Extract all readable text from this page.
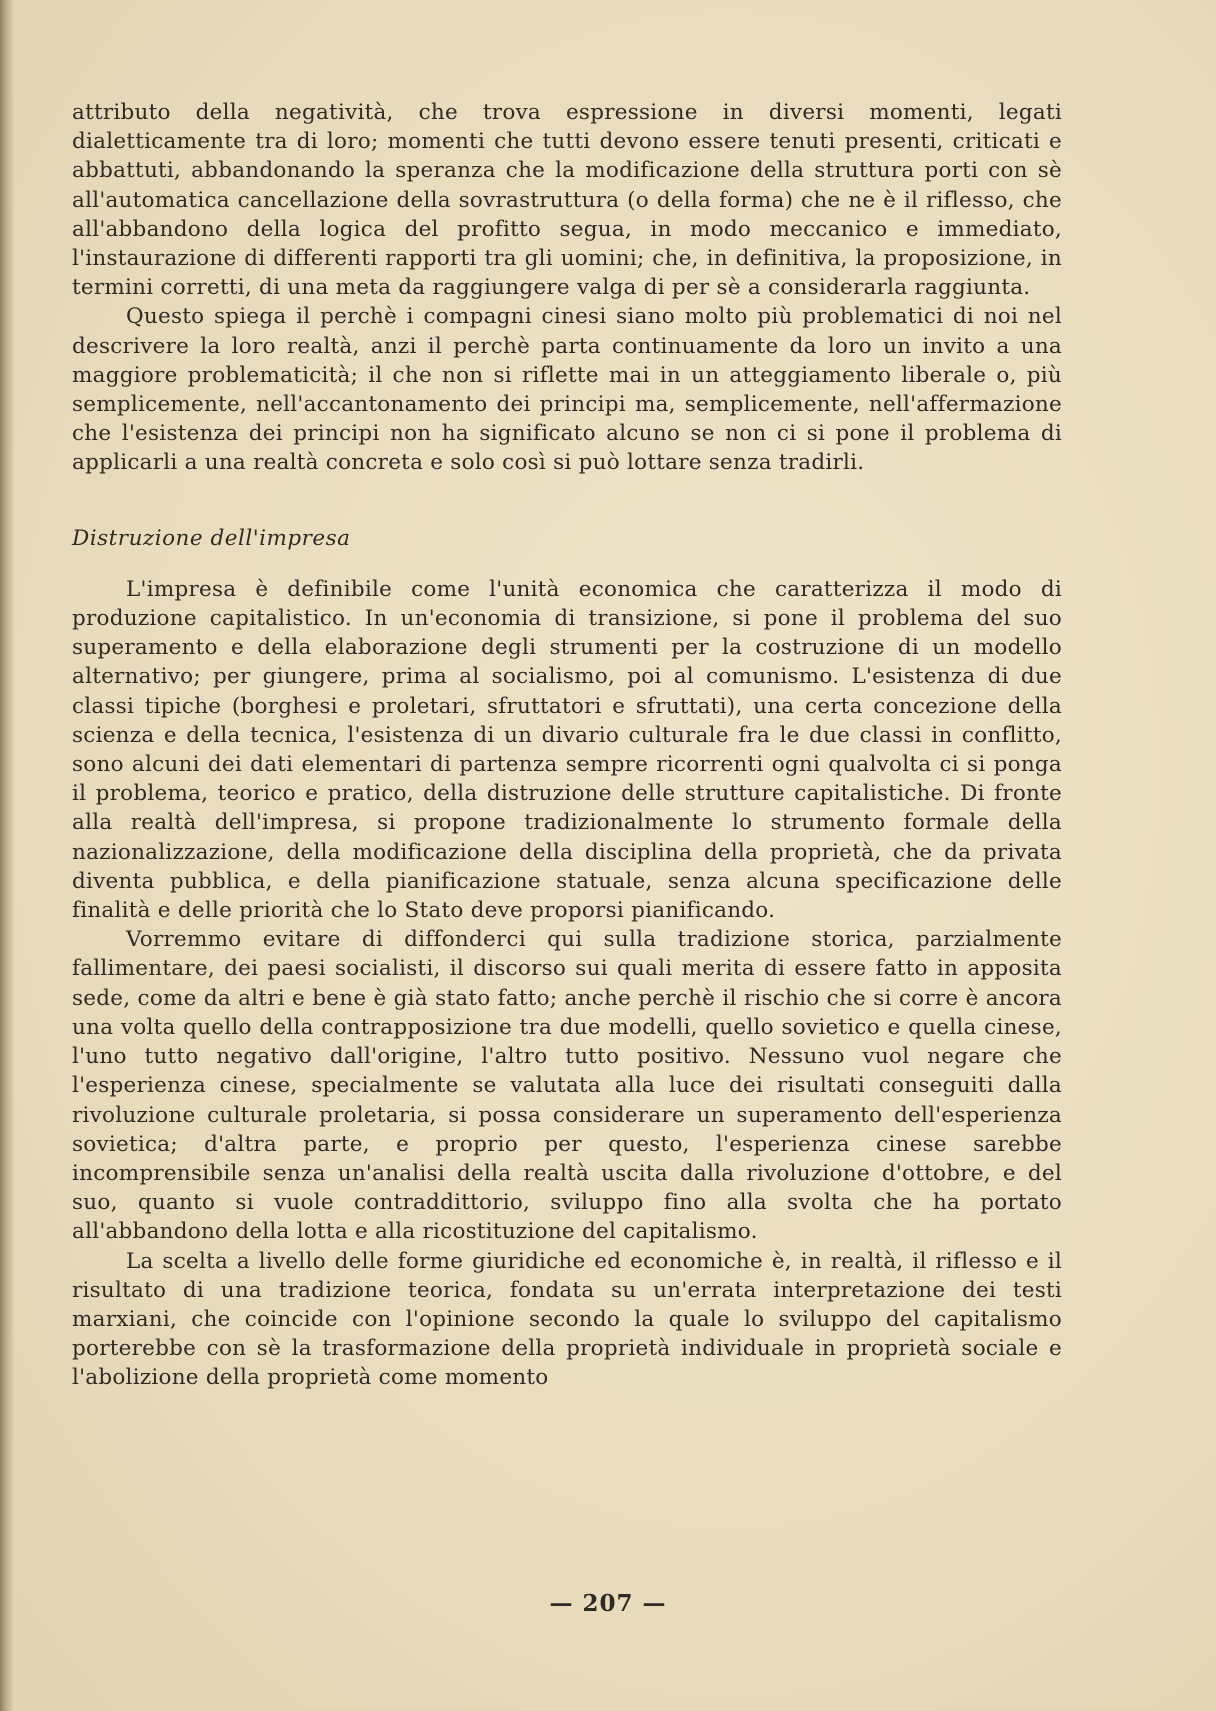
attributo della negatività, che trova espressione in diversi momenti, legati dialetticamente tra di loro; momenti che tutti devono essere tenuti presenti, criticati e abbattuti, abbandonando la speranza che la modificazione della struttura porti con sè all'automatica cancellazione della sovrastruttura (o della forma) che ne è il riflesso, che all'abbandono della logica del profitto segua, in modo meccanico e immediato, l'instaurazione di differenti rapporti tra gli uomini; che, in definitiva, la proposizione, in termini corretti, di una meta da raggiungere valga di per sè a considerarla raggiunta.

Questo spiega il perchè i compagni cinesi siano molto più problematici di noi nel descrivere la loro realtà, anzi il perchè parta continuamente da loro un invito a una maggiore problematicità; il che non si riflette mai in un atteggiamento liberale o, più semplicemente, nell'accantonamento dei principi ma, semplicemente, nell'affermazione che l'esistenza dei principi non ha significato alcuno se non ci si pone il problema di applicarli a una realtà concreta e solo così si può lottare senza tradirli.

Distruzione dell'impresa

L'impresa è definibile come l'unità economica che caratterizza il modo di produzione capitalistico. In un'economia di transizione, si pone il problema del suo superamento e della elaborazione degli strumenti per la costruzione di un modello alternativo; per giungere, prima al socialismo, poi al comunismo. L'esistenza di due classi tipiche (borghesi e proletari, sfruttatori e sfruttati), una certa concezione della scienza e della tecnica, l'esistenza di un divario culturale fra le due classi in conflitto, sono alcuni dei dati elementari di partenza sempre ricorrenti ogni qualvolta ci si ponga il problema, teorico e pratico, della distruzione delle strutture capitalistiche. Di fronte alla realtà dell'impresa, si propone tradizionalmente lo strumento formale della nazionalizzazione, della modificazione della disciplina della proprietà, che da privata diventa pubblica, e della pianificazione statuale, senza alcuna specificazione delle finalità e delle priorità che lo Stato deve proporsi pianificando.

Vorremmo evitare di diffonderci qui sulla tradizione storica, parzialmente fallimentare, dei paesi socialisti, il discorso sui quali merita di essere fatto in apposita sede, come da altri e bene è già stato fatto; anche perchè il rischio che si corre è ancora una volta quello della contrapposizione tra due modelli, quello sovietico e quella cinese, l'uno tutto negativo dall'origine, l'altro tutto positivo. Nessuno vuol negare che l'esperienza cinese, specialmente se valutata alla luce dei risultati conseguiti dalla rivoluzione culturale proletaria, si possa considerare un superamento dell'esperienza sovietica; d'altra parte, e proprio per questo, l'esperienza cinese sarebbe incomprensibile senza un'analisi della realtà uscita dalla rivoluzione d'ottobre, e del suo, quanto si vuole contraddittorio, sviluppo fino alla svolta che ha portato all'abbandono della lotta e alla ricostituzione del capitalismo.

La scelta a livello delle forme giuridiche ed economiche è, in realtà, il riflesso e il risultato di una tradizione teorica, fondata su un'errata interpretazione dei testi marxiani, che coincide con l'opinione secondo la quale lo sviluppo del capitalismo porterebbe con sè la trasformazione della proprietà individuale in proprietà sociale e l'abolizione della proprietà come momento

— 207 —
